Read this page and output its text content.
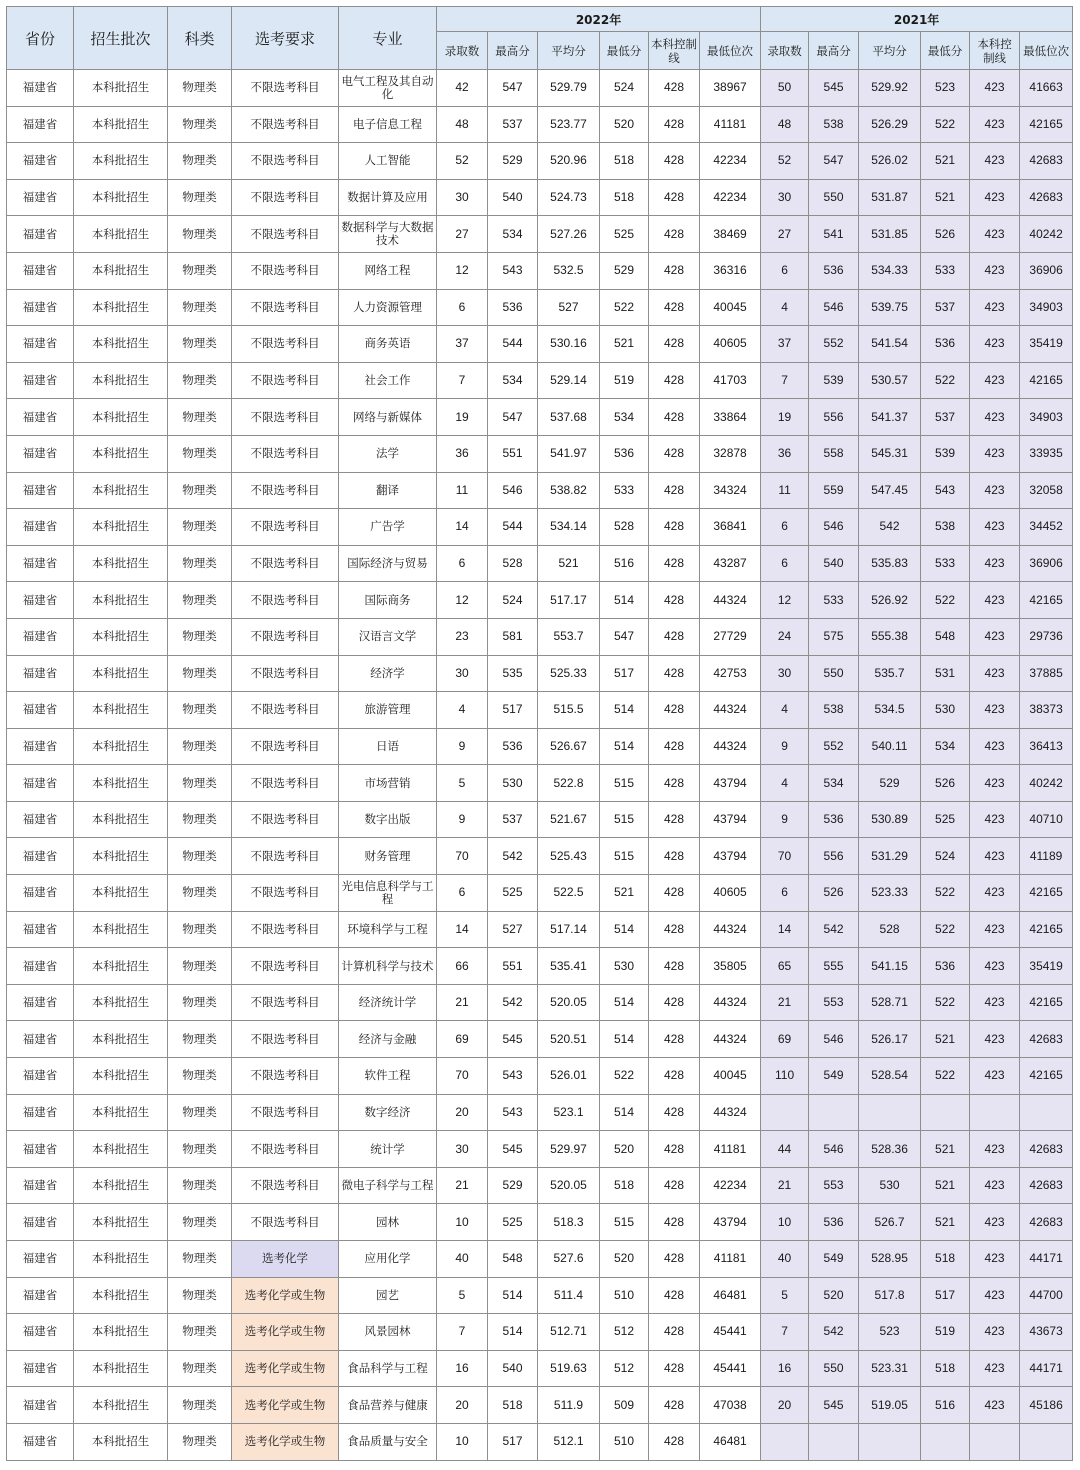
省份	招生批次	科类	选考要求	专业	2022年						2021年					
					录取数	最高分	平均分	最低分	本科控制线	最低位次	录取数	最高分	平均分	最低分	本科控制线	最低位次
福建省	本科批招生	物理类	不限选考科目	电气工程及其自动化	42	547	529.79	524	428	38967	50	545	529.92	523	423	41663
福建省	本科批招生	物理类	不限选考科目	电子信息工程	48	537	523.77	520	428	41181	48	538	526.29	522	423	42165
福建省	本科批招生	物理类	不限选考科目	人工智能	52	529	520.96	518	428	42234	52	547	526.02	521	423	42683
福建省	本科批招生	物理类	不限选考科目	数据计算及应用	30	540	524.73	518	428	42234	30	550	531.87	521	423	42683
福建省	本科批招生	物理类	不限选考科目	数据科学与大数据技术	27	534	527.26	525	428	38469	27	541	531.85	526	423	40242
福建省	本科批招生	物理类	不限选考科目	网络工程	12	543	532.5	529	428	36316	6	536	534.33	533	423	36906
福建省	本科批招生	物理类	不限选考科目	人力资源管理	6	536	527	522	428	40045	4	546	539.75	537	423	34903
福建省	本科批招生	物理类	不限选考科目	商务英语	37	544	530.16	521	428	40605	37	552	541.54	536	423	35419
福建省	本科批招生	物理类	不限选考科目	社会工作	7	534	529.14	519	428	41703	7	539	530.57	522	423	42165
福建省	本科批招生	物理类	不限选考科目	网络与新媒体	19	547	537.68	534	428	33864	19	556	541.37	537	423	34903
福建省	本科批招生	物理类	不限选考科目	法学	36	551	541.97	536	428	32878	36	558	545.31	539	423	33935
福建省	本科批招生	物理类	不限选考科目	翻译	11	546	538.82	533	428	34324	11	559	547.45	543	423	32058
福建省	本科批招生	物理类	不限选考科目	广告学	14	544	534.14	528	428	36841	6	546	542	538	423	34452
福建省	本科批招生	物理类	不限选考科目	国际经济与贸易	6	528	521	516	428	43287	6	540	535.83	533	423	36906
福建省	本科批招生	物理类	不限选考科目	国际商务	12	524	517.17	514	428	44324	12	533	526.92	522	423	42165
福建省	本科批招生	物理类	不限选考科目	汉语言文学	23	581	553.7	547	428	27729	24	575	555.38	548	423	29736
福建省	本科批招生	物理类	不限选考科目	经济学	30	535	525.33	517	428	42753	30	550	535.7	531	423	37885
福建省	本科批招生	物理类	不限选考科目	旅游管理	4	517	515.5	514	428	44324	4	538	534.5	530	423	38373
福建省	本科批招生	物理类	不限选考科目	日语	9	536	526.67	514	428	44324	9	552	540.11	534	423	36413
福建省	本科批招生	物理类	不限选考科目	市场营销	5	530	522.8	515	428	43794	4	534	529	526	423	40242
福建省	本科批招生	物理类	不限选考科目	数字出版	9	537	521.67	515	428	43794	9	536	530.89	525	423	40710
福建省	本科批招生	物理类	不限选考科目	财务管理	70	542	525.43	515	428	43794	70	556	531.29	524	423	41189
福建省	本科批招生	物理类	不限选考科目	光电信息科学与工程	6	525	522.5	521	428	40605	6	526	523.33	522	423	42165
福建省	本科批招生	物理类	不限选考科目	环境科学与工程	14	527	517.14	514	428	44324	14	542	528	522	423	42165
福建省	本科批招生	物理类	不限选考科目	计算机科学与技术	66	551	535.41	530	428	35805	65	555	541.15	536	423	35419
福建省	本科批招生	物理类	不限选考科目	经济统计学	21	542	520.05	514	428	44324	21	553	528.71	522	423	42165
福建省	本科批招生	物理类	不限选考科目	经济与金融	69	545	520.51	514	428	44324	69	546	526.17	521	423	42683
福建省	本科批招生	物理类	不限选考科目	软件工程	70	543	526.01	522	428	40045	110	549	528.54	522	423	42165
福建省	本科批招生	物理类	不限选考科目	数字经济	20	543	523.1	514	428	44324						
福建省	本科批招生	物理类	不限选考科目	统计学	30	545	529.97	520	428	41181	44	546	528.36	521	423	42683
福建省	本科批招生	物理类	不限选考科目	微电子科学与工程	21	529	520.05	518	428	42234	21	553	530	521	423	42683
福建省	本科批招生	物理类	不限选考科目	园林	10	525	518.3	515	428	43794	10	536	526.7	521	423	42683
福建省	本科批招生	物理类	选考化学	应用化学	40	548	527.6	520	428	41181	40	549	528.95	518	423	44171
福建省	本科批招生	物理类	选考化学或生物	园艺	5	514	511.4	510	428	46481	5	520	517.8	517	423	44700
福建省	本科批招生	物理类	选考化学或生物	风景园林	7	514	512.71	512	428	45441	7	542	523	519	423	43673
福建省	本科批招生	物理类	选考化学或生物	食品科学与工程	16	540	519.63	512	428	45441	16	550	523.31	518	423	44171
福建省	本科批招生	物理类	选考化学或生物	食品营养与健康	20	518	511.9	509	428	47038	20	545	519.05	516	423	45186
福建省	本科批招生	物理类	选考化学或生物	食品质量与安全	10	517	512.1	510	428	46481						
